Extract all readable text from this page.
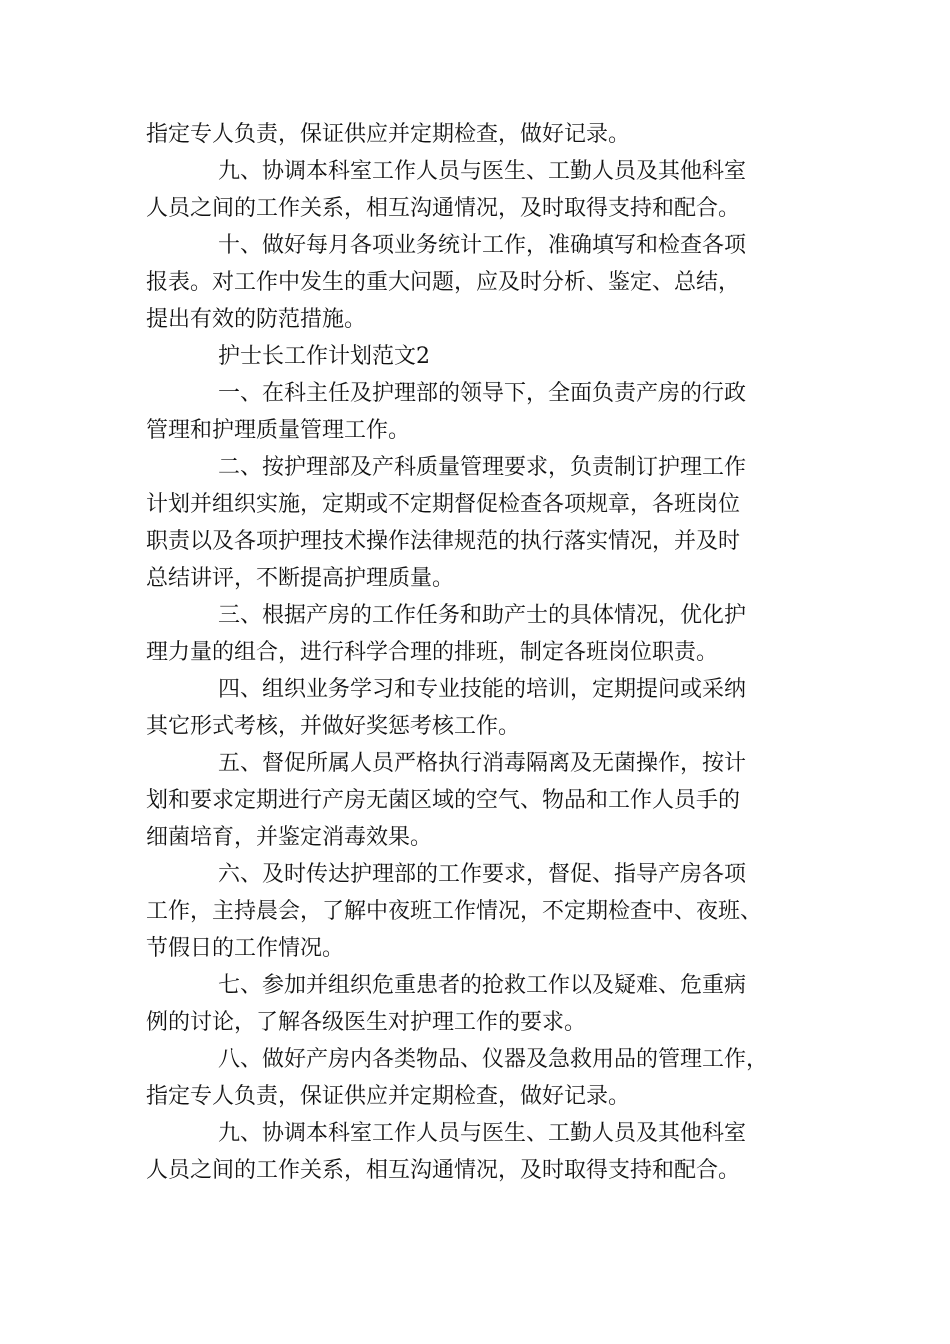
指定专人负责，保证供应并定期检查，做好记录。
九、协调本科室工作人员与医生、工勤人员及其他科室
人员之间的工作关系，相互沟通情况，及时取得支持和配合。
十、做好每月各项业务统计工作，准确填写和检查各项
报表。对工作中发生的重大问题，应及时分析、鉴定、总结，
提出有效的防范措施。
护士长工作计划范文2
一、在科主任及护理部的领导下，全面负责产房的行政
管理和护理质量管理工作。
二、按护理部及产科质量管理要求，负责制订护理工作
计划并组织实施，定期或不定期督促检查各项规章，各班岗位
职责以及各项护理技术操作法律规范的执行落实情况，并及时
总结讲评，不断提高护理质量。
三、根据产房的工作任务和助产士的具体情况，优化护
理力量的组合，进行科学合理的排班，制定各班岗位职责。
四、组织业务学习和专业技能的培训，定期提问或采纳
其它形式考核，并做好奖惩考核工作。
五、督促所属人员严格执行消毒隔离及无菌操作，按计
划和要求定期进行产房无菌区域的空气、物品和工作人员手的
细菌培育，并鉴定消毒效果。
六、及时传达护理部的工作要求，督促、指导产房各项
工作，主持晨会，了解中夜班工作情况，不定期检查中、夜班、
节假日的工作情况。
七、参加并组织危重患者的抢救工作以及疑难、危重病
例的讨论，了解各级医生对护理工作的要求。
八、做好产房内各类物品、仪器及急救用品的管理工作，
指定专人负责，保证供应并定期检查，做好记录。
九、协调本科室工作人员与医生、工勤人员及其他科室
人员之间的工作关系，相互沟通情况，及时取得支持和配合。
